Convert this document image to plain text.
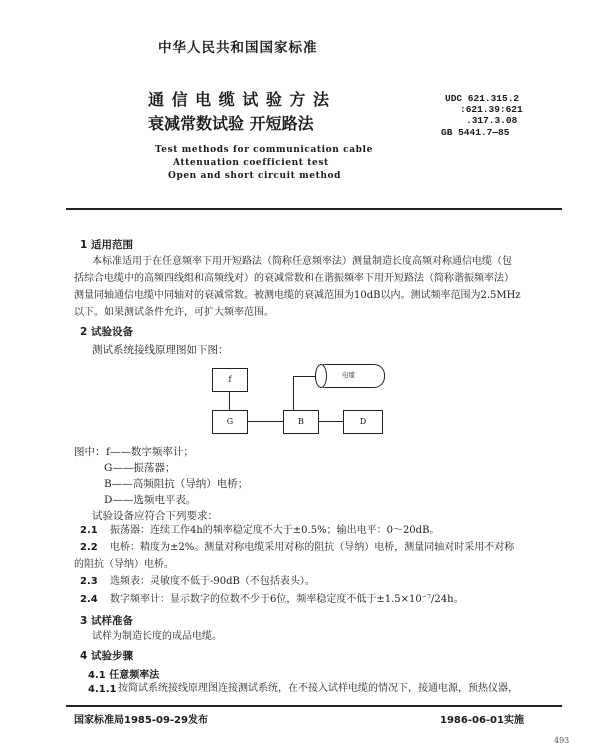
中华人民共和国国家标准
通 信 电 缆 试 验 方 法
衰减常数试验 开短路法
UDC 621.315.2
:621.39:621
.317.3.08
GB 5441.7—85
Test methods for communication cable
Attenuation coefficient test
Open and short circuit method
1 适用范围
本标准适用于在任意频率下用开短路法（简称任意频率法）测量制造长度高频对称通信电缆（包
括综合电缆中的高频四线组和高频线对）的衰减常数和在谐振频率下用开短路法（简称谐振频率法）
测量同轴通信电缆中同轴对的衰减常数。被测电缆的衰减范围为10dB以内。测试频率范围为2.5MHz
以下。如果测试条件允许，可扩大频率范围。
2 试验设备
测试系统接线原理图如下图：
f
G	B	D
电缆
图中： f——数字频率计；
G——振荡器；
B——高频阻抗（导纳）电桥；
D——选频电平表。
试验设备应符合下列要求：
2.1 振荡器：连续工作4h的频率稳定度不大于±0.5%；输出电平：0～20dB。
2.2 电桥：精度为±2%。测量对称电缆采用对称的阻抗（导纳）电桥，测量同轴对时采用不对称
的阻抗（导纳）电桥。
2.3 选频表：灵敏度不低于-90dB（不包括表头）。
2.4 数字频率计：显示数字的位数不少于6位，频率稳定度不低于±1.5×10⁻⁷/24h。
3 试样准备
试样为制造长度的成品电缆。
4 试验步骤
4.1 任意频率法
4.1.1 按简试系统接线原理图连接测试系统，在不接入试样电缆的情况下，接通电源，预热仪器，
国家标准局1985-09-29发布	1986-06-01实施
493
